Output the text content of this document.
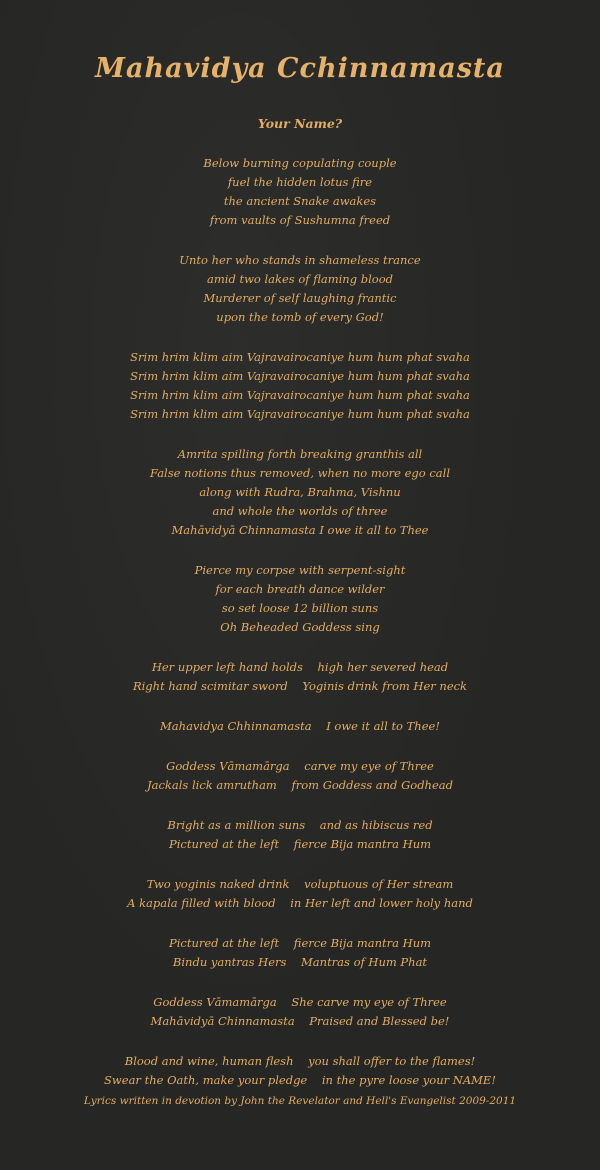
Mahavidya Cchinnamasta
Your Name?
Below burning copulating couple
fuel the hidden lotus fire
the ancient Snake awakes
from vaults of Sushumna freed
Unto her who stands in shameless trance
amid two lakes of flaming blood
Murderer of self laughing frantic
upon the tomb of every God!
Srim hrim klim aim Vajravairocaniye hum hum phat svaha
Srim hrim klim aim Vajravairocaniye hum hum phat svaha
Srim hrim klim aim Vajravairocaniye hum hum phat svaha
Srim hrim klim aim Vajravairocaniye hum hum phat svaha
Amrita spilling forth breaking granthis all
False notions thus removed, when no more ego call
along with Rudra, Brahma, Vishnu
and whole the worlds of three
Mahāvidyā Chinnamasta I owe it all to Thee
Pierce my corpse with serpent-sight
for each breath dance wilder
so set loose 12 billion suns
Oh Beheaded Goddess sing
Her upper left hand holds    high her severed head
Right hand scimitar sword    Yoginis drink from Her neck
Mahavidya Chhinnamasta    I owe it all to Thee!
Goddess Vāmamārga    carve my eye of Three
Jackals lick amrutham    from Goddess and Godhead
Bright as a million suns    and as hibiscus red
Pictured at the left    fierce Bija mantra Hum
Two yoginis naked drink    voluptuous of Her stream
A kapala filled with blood    in Her left and lower holy hand
Pictured at the left    fierce Bija mantra Hum
Bindu yantras Hers    Mantras of Hum Phat
Goddess Vāmamārga    She carve my eye of Three
Mahāvidyā Chinnamasta    Praised and Blessed be!
Blood and wine, human flesh    you shall offer to the flames!
Swear the Oath, make your pledge    in the pyre loose your NAME!
Lyrics written in devotion by John the Revelator and Hell's Evangelist 2009-2011
